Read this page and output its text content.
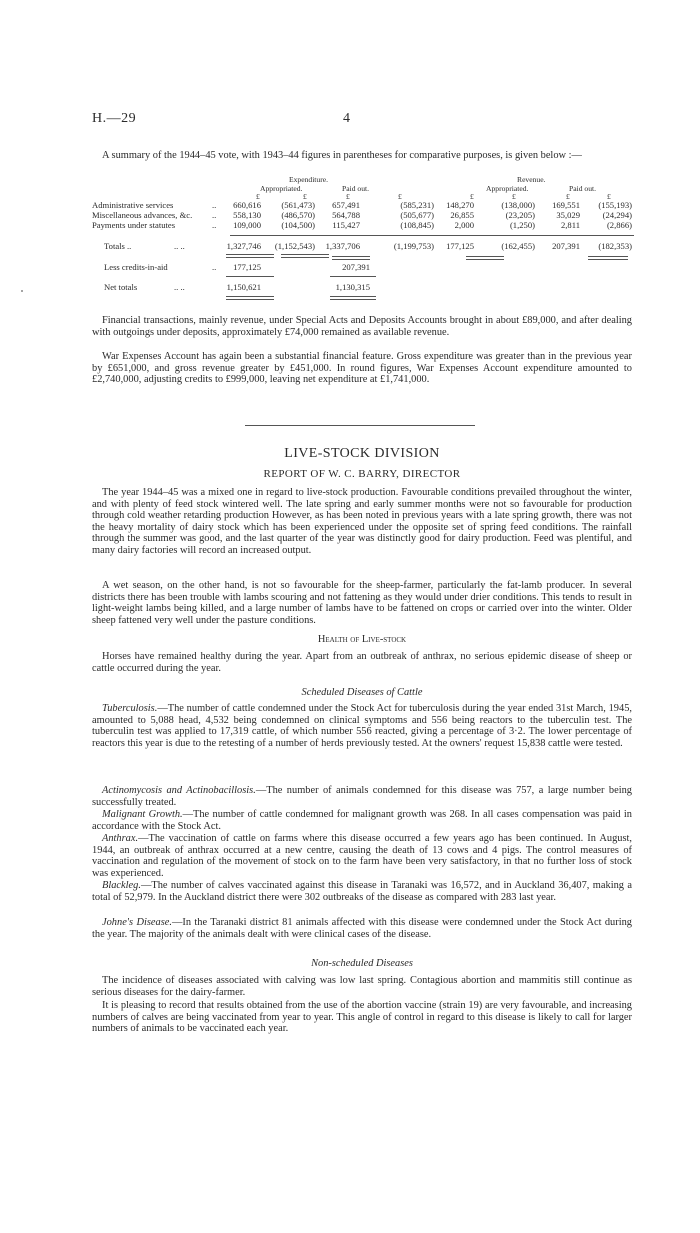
H.—29	4

A summary of the 1944–45 vote, with 1943–44 figures in parentheses for comparative purposes, is given below :—

Expenditure.	Revenue.
Appropriated.	Paid out.	Appropriated.	Paid out.
£	£	£	£	£	£	£	£
Administrative services	.. 660,616 (561,473) 657,491	(585,231) 148,270	(138,000) 169,551 (155,193)
Miscellaneous advances, &c. .. 558,130 (486,570) 564,788	(505,677) 26,855	(23,205) 35,029	(24,294)
Payments under statutes	.. 109,000 (104,500) 115,427	(108,845) 2,000	(1,250)	2,811	(2,866)
Totals ..	.. ..	1,327,746 (1,152,543) 1,337,706	(1,199,753) 177,125	(162,455) 207,391 (182,353)
Less credits-in-aid	.. 177,125	207,391
Net totals	.. ..	1,150,621	1,130,315

Financial transactions, mainly revenue, under Special Acts and Deposits Accounts brought in about £89,000, and after dealing with outgoings under deposits, approximately £74,000 remained as available revenue.

War Expenses Account has again been a substantial financial feature. Gross expenditure was greater than in the previous year by £651,000, and gross revenue greater by £451,000. In round figures, War Expenses Account expenditure amounted to £2,740,000, adjusting credits to £999,000, leaving net expenditure at £1,741,000.

LIVE-STOCK DIVISION
REPORT OF W. C. BARRY, DIRECTOR

The year 1944–45 was a mixed one in regard to live-stock production. Favourable conditions prevailed throughout the winter, and with plenty of feed stock wintered well. The late spring and early summer months were not so favourable for production through cold weather retarding production However, as has been noted in previous years with a late spring growth, there was not the heavy mortality of dairy stock which has been experienced under the opposite set of spring feed conditions. The rainfall through the summer was good, and the last quarter of the year was distinctly good for dairy production. Feed was plentiful, and many dairy factories will record an increased output.

A wet season, on the other hand, is not so favourable for the sheep-farmer, particularly the fat-lamb producer. In several districts there has been trouble with lambs scouring and not fattening as they would under drier conditions. This tends to result in light-weight lambs being killed, and a large number of lambs have to be fattened on crops or carried over into the winter. Older sheep fattened very well under the pasture conditions.

Health of Live-stock

Horses have remained healthy during the year. Apart from an outbreak of anthrax, no serious epidemic disease of sheep or cattle occurred during the year.

Scheduled Diseases of Cattle

Tuberculosis.—The number of cattle condemned under the Stock Act for tuberculosis during the year ended 31st March, 1945, amounted to 5,088 head, 4,532 being condemned on clinical symptoms and 556 being reactors to the tuberculin test. The tuberculin test was applied to 17,319 cattle, of which number 556 reacted, giving a percentage of 3·2. The lower percentage of reactors this year is due to the retesting of a number of herds previously tested. At the owners' request 15,838 cattle were tested.

Actinomycosis and Actinobacillosis.—The number of animals condemned for this disease was 757, a large number being successfully treated.

Malignant Growth.—The number of cattle condemned for malignant growth was 268. In all cases compensation was paid in accordance with the Stock Act.

Anthrax.—The vaccination of cattle on farms where this disease occurred a few years ago has been continued. In August, 1944, an outbreak of anthrax occurred at a new centre, causing the death of 13 cows and 4 pigs. The control measures of vaccination and regulation of the movement of stock on to the farm have been very satisfactory, in that no further loss of stock was experienced.

Blackleg.—The number of calves vaccinated against this disease in Taranaki was 16,572, and in Auckland 36,407, making a total of 52,979. In the Auckland district there were 302 outbreaks of the disease as compared with 283 last year.

Johne's Disease.—In the Taranaki district 81 animals affected with this disease were condemned under the Stock Act during the year. The majority of the animals dealt with were clinical cases of the disease.

Non-scheduled Diseases

The incidence of diseases associated with calving was low last spring. Contagious abortion and mammitis still continue as serious diseases for the dairy-farmer.

It is pleasing to record that results obtained from the use of the abortion vaccine (strain 19) are very favourable, and increasing numbers of calves are being vaccinated from year to year. This angle of control in regard to this disease is likely to call for larger numbers of animals to be vaccinated each year.
